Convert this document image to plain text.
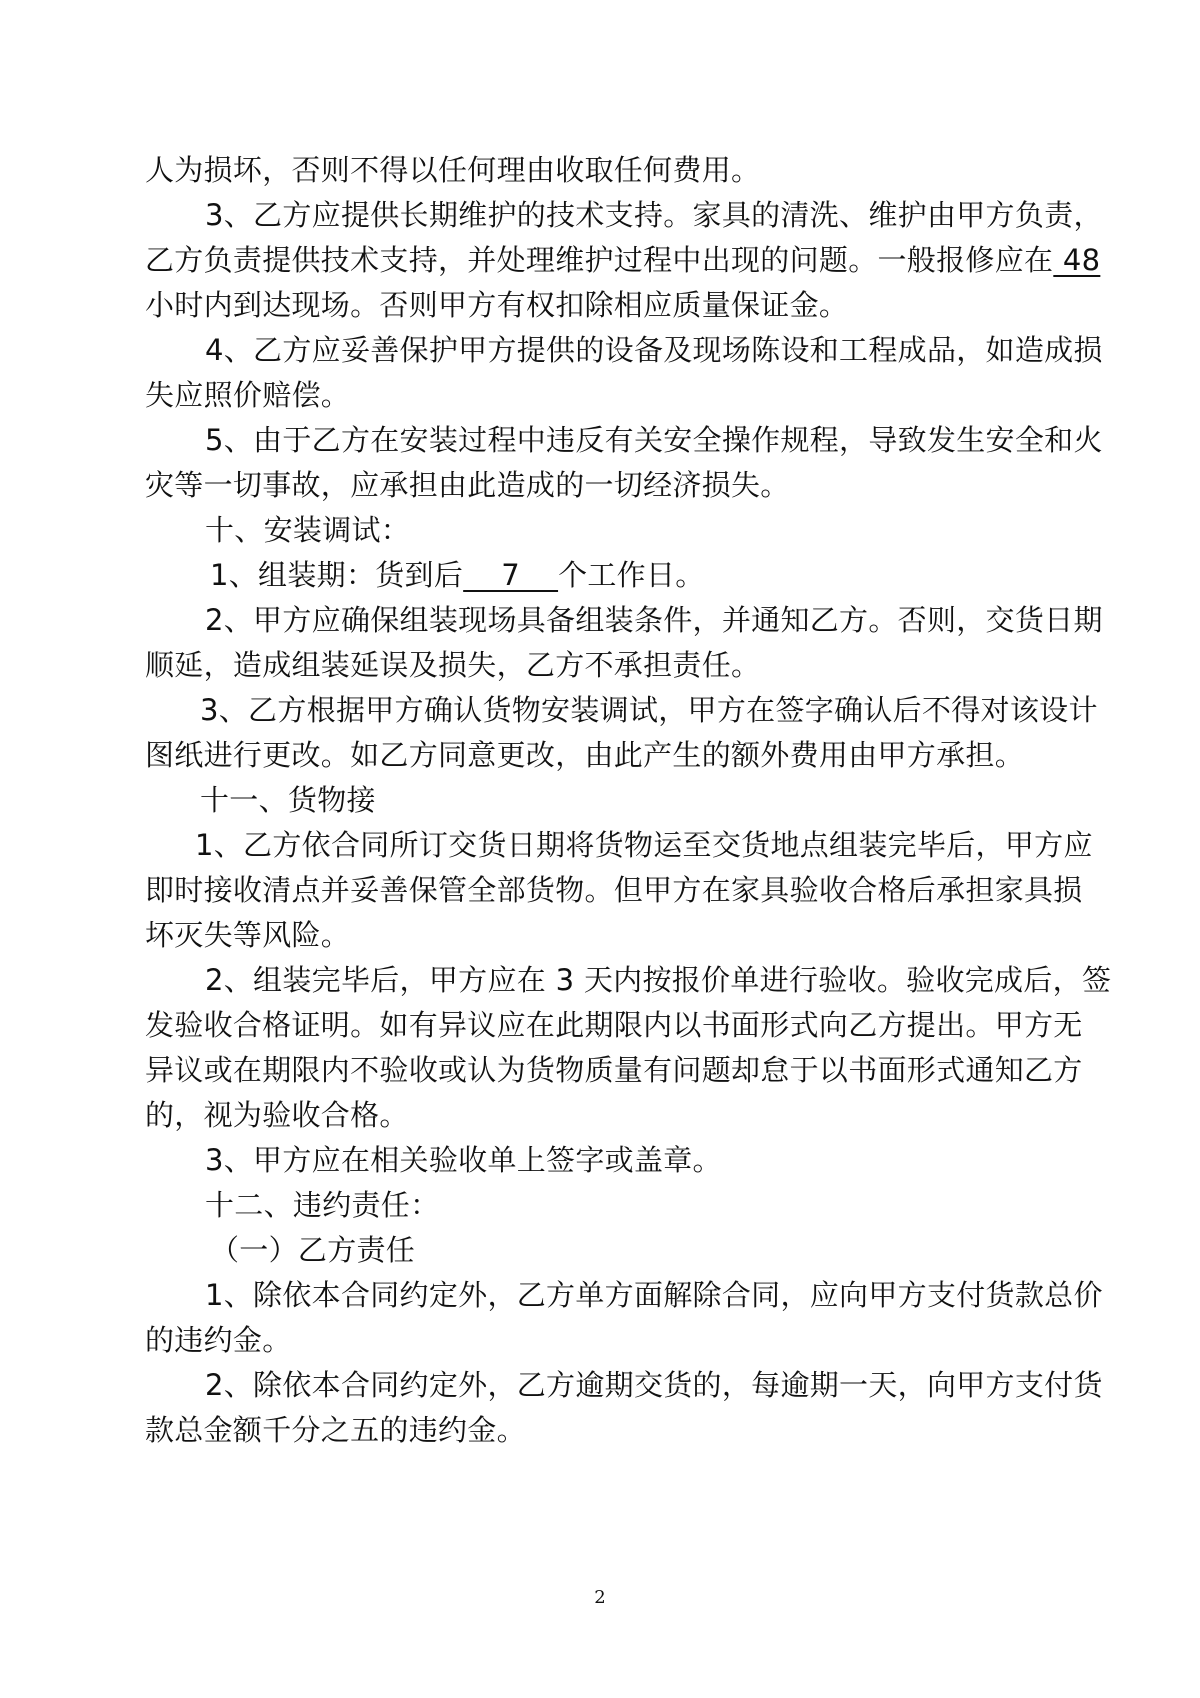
人为损坏，否则不得以任何理由收取任何费用。
3、乙方应提供长期维护的技术支持。家具的清洗、维护由甲方负责，
乙方负责提供技术支持，并处理维护过程中出现的问题。一般报修应在 48
小时内到达现场。否则甲方有权扣除相应质量保证金。
4、乙方应妥善保护甲方提供的设备及现场陈设和工程成品，如造成损
失应照价赔偿。
5、由于乙方在安装过程中违反有关安全操作规程，导致发生安全和火
灾等一切事故，应承担由此造成的一切经济损失。
十、安装调试：
1、组装期：货到后    7    个工作日。
2、甲方应确保组装现场具备组装条件，并通知乙方。否则，交货日期
顺延，造成组装延误及损失，乙方不承担责任。
3、乙方根据甲方确认货物安装调试，甲方在签字确认后不得对该设计
图纸进行更改。如乙方同意更改，由此产生的额外费用由甲方承担。
十一、货物接
1、乙方依合同所订交货日期将货物运至交货地点组装完毕后，甲方应
即时接收清点并妥善保管全部货物。但甲方在家具验收合格后承担家具损
坏灭失等风险。
2、组装完毕后，甲方应在 3 天内按报价单进行验收。验收完成后，签
发验收合格证明。如有异议应在此期限内以书面形式向乙方提出。甲方无
异议或在期限内不验收或认为货物质量有问题却怠于以书面形式通知乙方
的，视为验收合格。
3、甲方应在相关验收单上签字或盖章。
十二、违约责任：
（一）乙方责任
1、除依本合同约定外，乙方单方面解除合同，应向甲方支付货款总价
的违约金。
2、除依本合同约定外，乙方逾期交货的，每逾期一天，向甲方支付货
款总金额千分之五的违约金。
2
